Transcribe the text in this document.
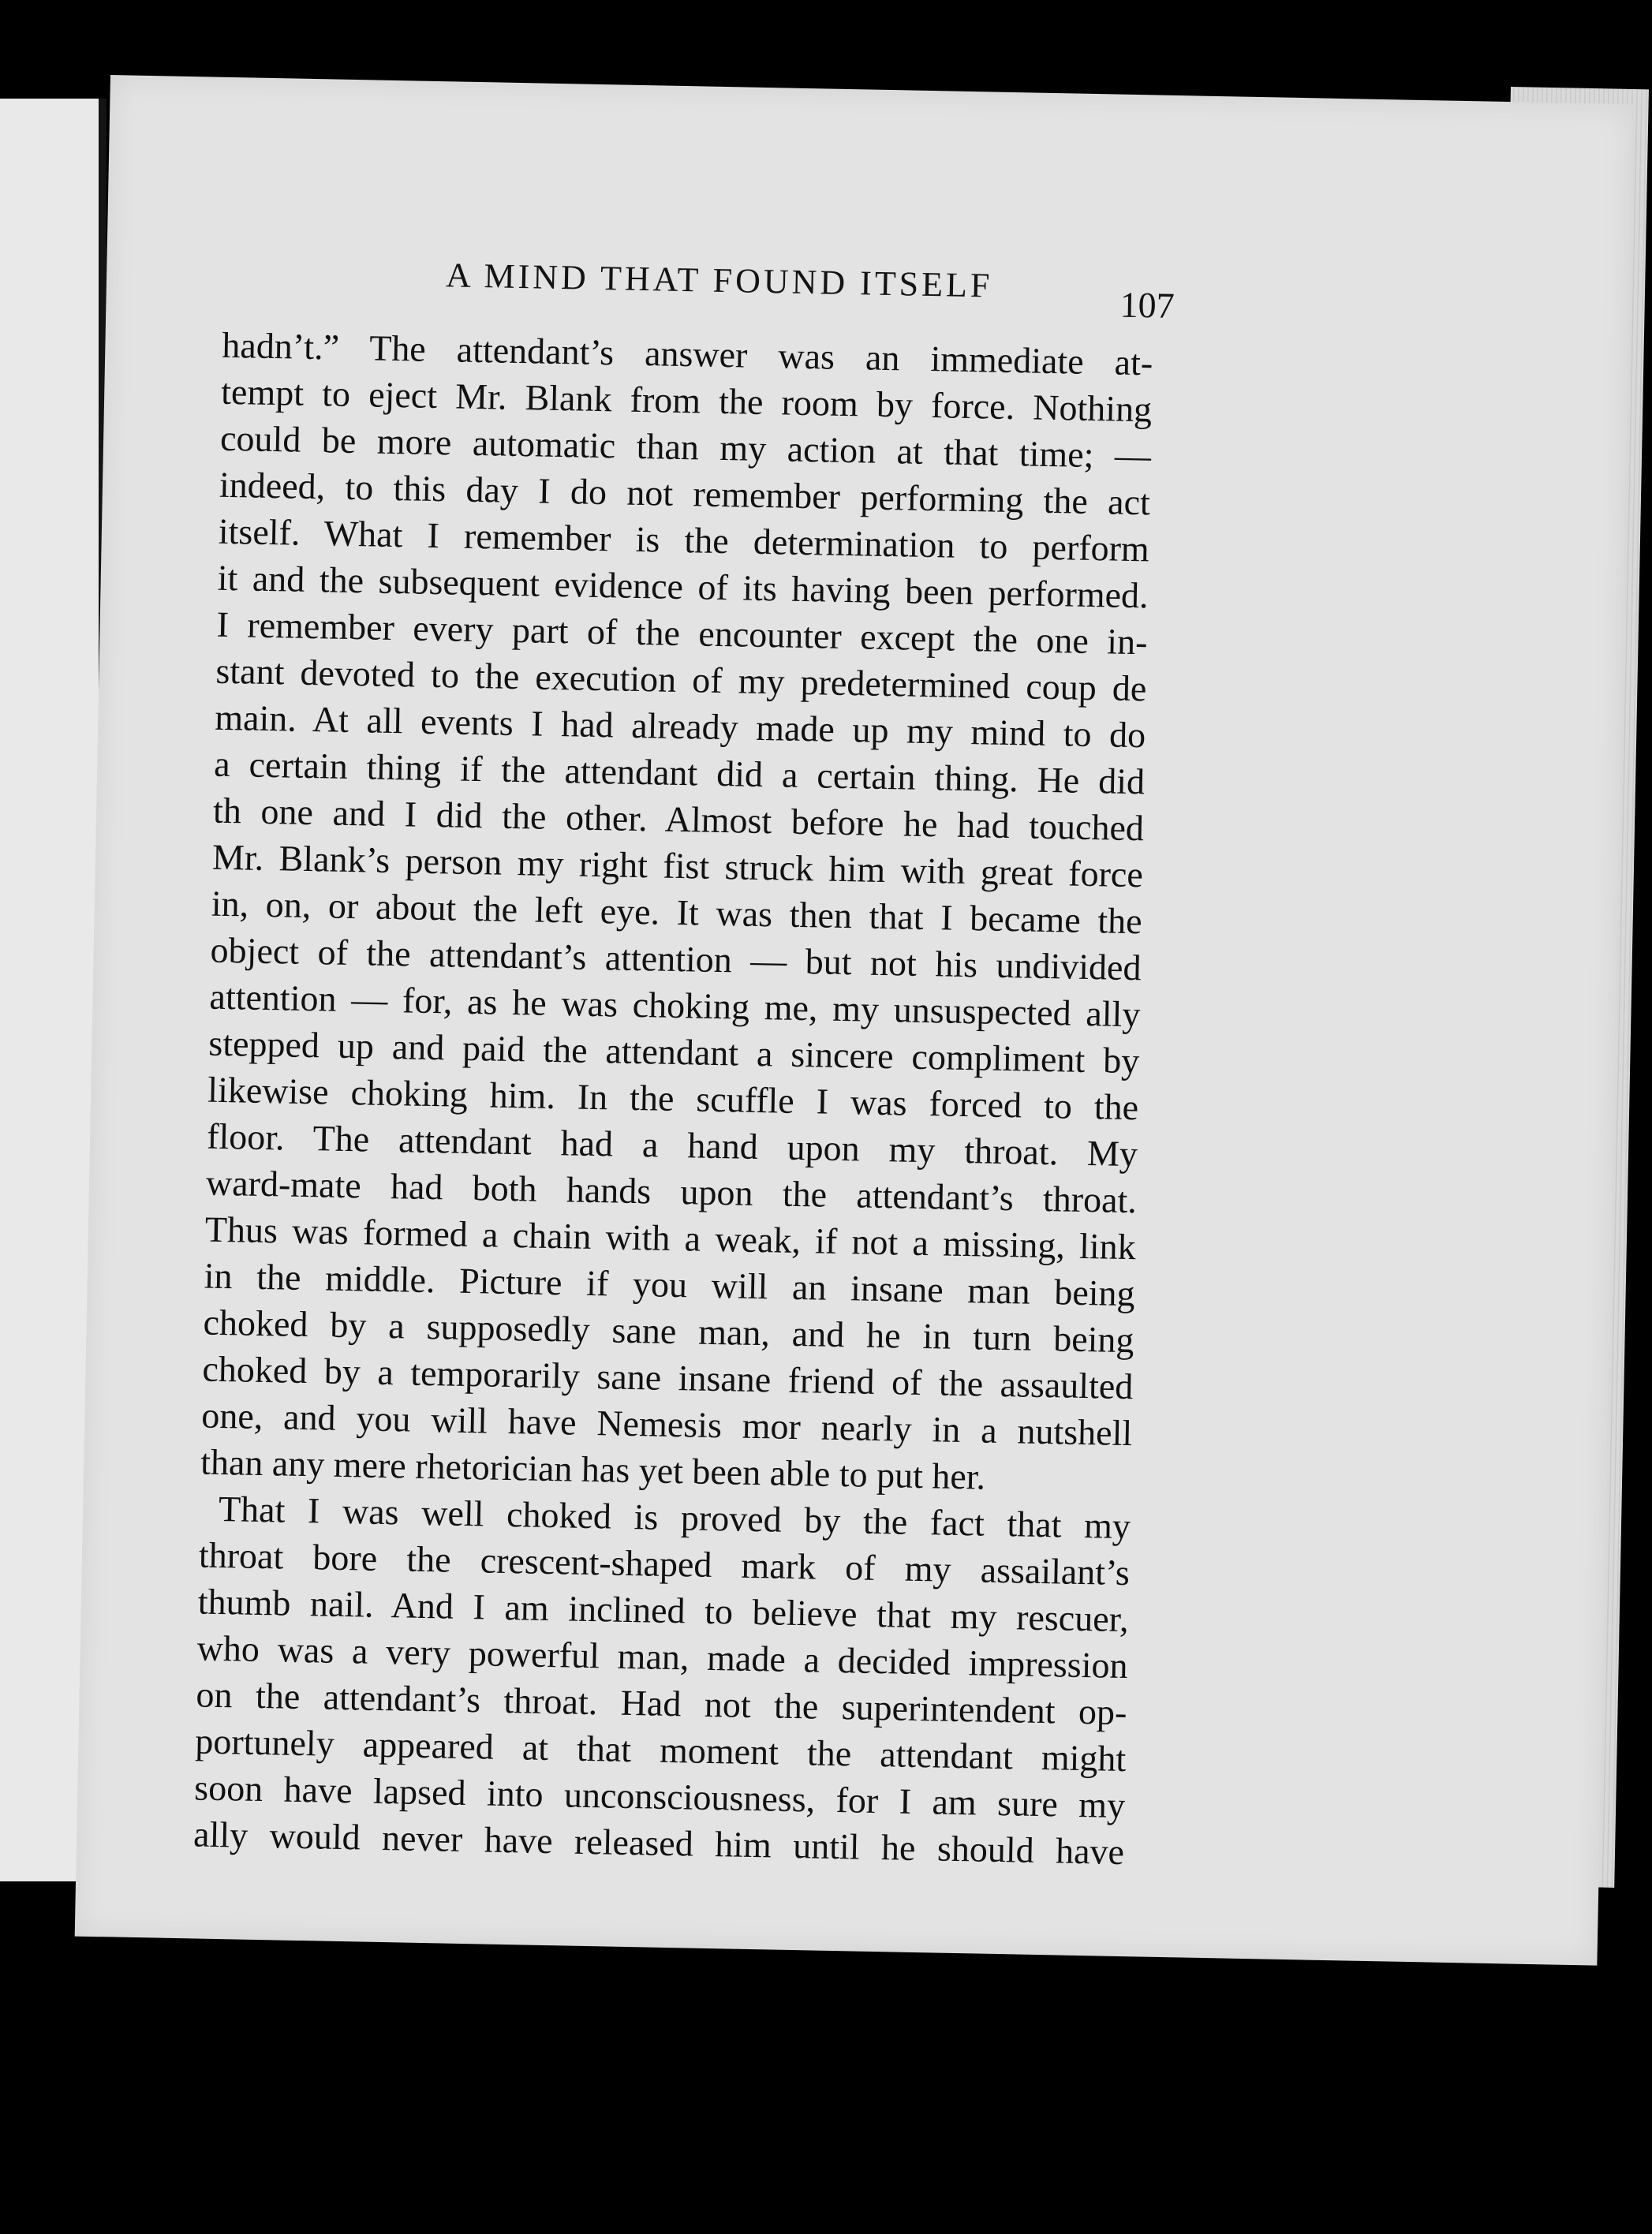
A MIND THAT FOUND ITSELF
107
hadn’t.” The attendant’s answer was an immediate at-
tempt to eject Mr. Blank from the room by force. Nothing
could be more automatic than my action at that time; —
indeed, to this day I do not remember performing the act
itself. What I remember is the determination to perform
it and the subsequent evidence of its having been performed.
I remember every part of the encounter except the one in-
stant devoted to the execution of my predetermined coup de
main. At all events I had already made up my mind to do
a certain thing if the attendant did a certain thing. He did
th one and I did the other. Almost before he had touched
Mr. Blank’s person my right fist struck him with great force
in, on, or about the left eye. It was then that I became the
object of the attendant’s attention — but not his undivided
attention — for, as he was choking me, my unsuspected ally
stepped up and paid the attendant a sincere compliment by
likewise choking him. In the scuffle I was forced to the
floor. The attendant had a hand upon my throat. My
ward-mate had both hands upon the attendant’s throat.
Thus was formed a chain with a weak, if not a missing, link
in the middle. Picture if you will an insane man being
choked by a supposedly sane man, and he in turn being
choked by a temporarily sane insane friend of the assaulted
one, and you will have Nemesis mor nearly in a nutshell
than any mere rhetorician has yet been able to put her.
That I was well choked is proved by the fact that my
throat bore the crescent-shaped mark of my assailant’s
thumb nail. And I am inclined to believe that my rescuer,
who was a very powerful man, made a decided impression
on the attendant’s throat. Had not the superintendent op-
portunely appeared at that moment the attendant might
soon have lapsed into unconsciousness, for I am sure my
ally would never have released him until he should have
